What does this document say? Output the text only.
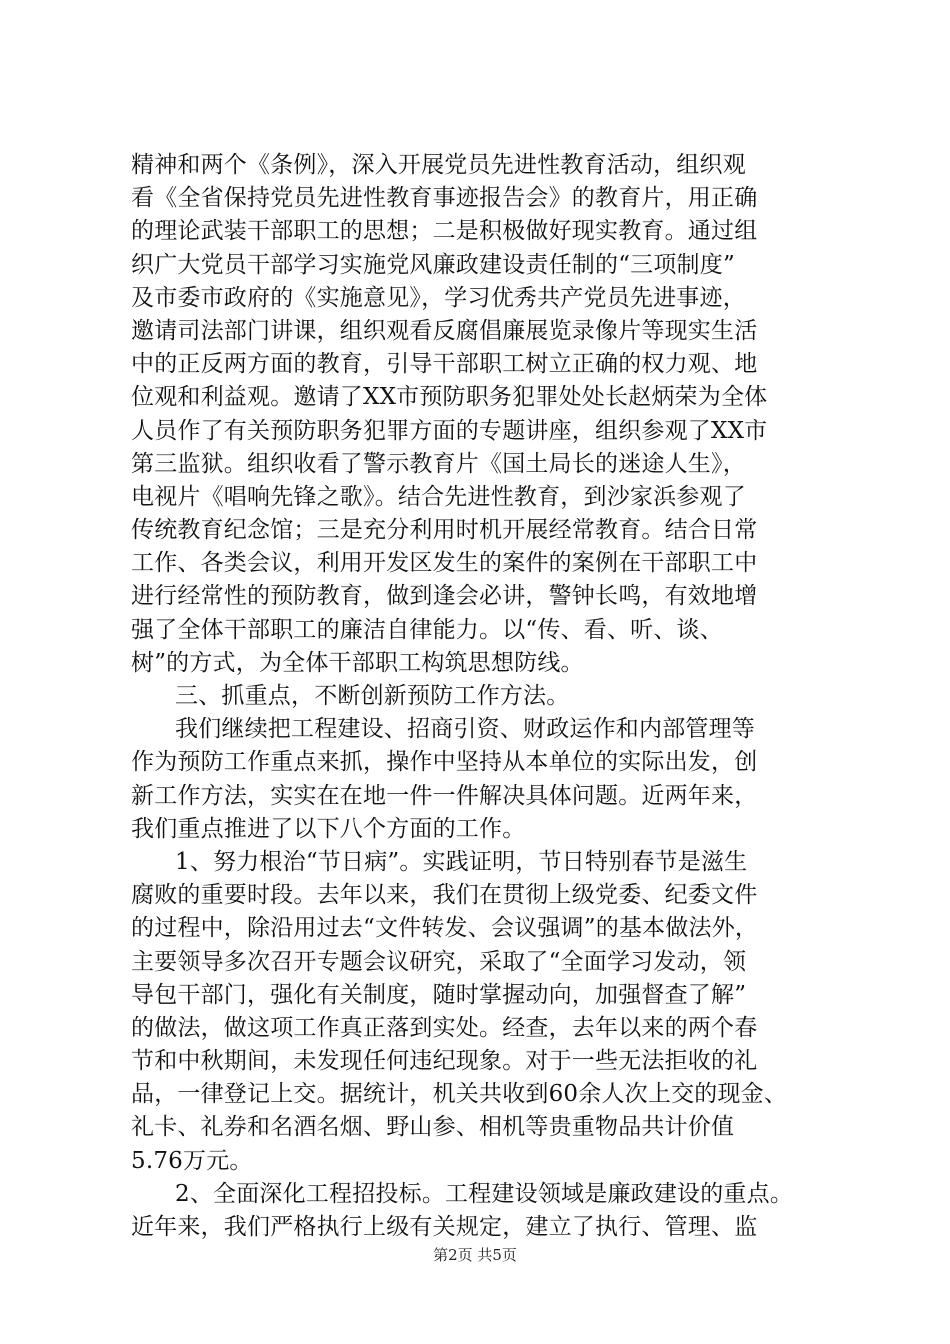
精神和两个《条例》，深入开展党员先进性教育活动，组织观
看《全省保持党员先进性教育事迹报告会》的教育片，用正确
的理论武装干部职工的思想；二是积极做好现实教育。通过组
织广大党员干部学习实施党风廉政建设责任制的“三项制度”
及市委市政府的《实施意见》，学习优秀共产党员先进事迹，
邀请司法部门讲课，组织观看反腐倡廉展览录像片等现实生活
中的正反两方面的教育，引导干部职工树立正确的权力观、地
位观和利益观。邀请了XX市预防职务犯罪处处长赵炳荣为全体
人员作了有关预防职务犯罪方面的专题讲座，组织参观了XX市
第三监狱。组织收看了警示教育片《国土局长的迷途人生》，
电视片《唱响先锋之歌》。结合先进性教育，到沙家浜参观了
传统教育纪念馆；三是充分利用时机开展经常教育。结合日常
工作、各类会议，利用开发区发生的案件的案例在干部职工中
进行经常性的预防教育，做到逢会必讲，警钟长鸣，有效地增
强了全体干部职工的廉洁自律能力。以“传、看、听、谈、
树”的方式，为全体干部职工构筑思想防线。
三、抓重点，不断创新预防工作方法。
我们继续把工程建设、招商引资、财政运作和内部管理等
作为预防工作重点来抓，操作中坚持从本单位的实际出发，创
新工作方法，实实在在地一件一件解决具体问题。近两年来，
我们重点推进了以下八个方面的工作。
1、努力根治“节日病”。实践证明，节日特别春节是滋生
腐败的重要时段。去年以来，我们在贯彻上级党委、纪委文件
的过程中，除沿用过去“文件转发、会议强调”的基本做法外，
主要领导多次召开专题会议研究，采取了“全面学习发动，领
导包干部门，强化有关制度，随时掌握动向，加强督查了解”
的做法，做这项工作真正落到实处。经查，去年以来的两个春
节和中秋期间，未发现任何违纪现象。对于一些无法拒收的礼
品，一律登记上交。据统计，机关共收到60余人次上交的现金、
礼卡、礼券和名酒名烟、野山参、相机等贵重物品共计价值
5.76万元。
2、全面深化工程招投标。工程建设领域是廉政建设的重点。
近年来，我们严格执行上级有关规定，建立了执行、管理、监
第2页 共5页
